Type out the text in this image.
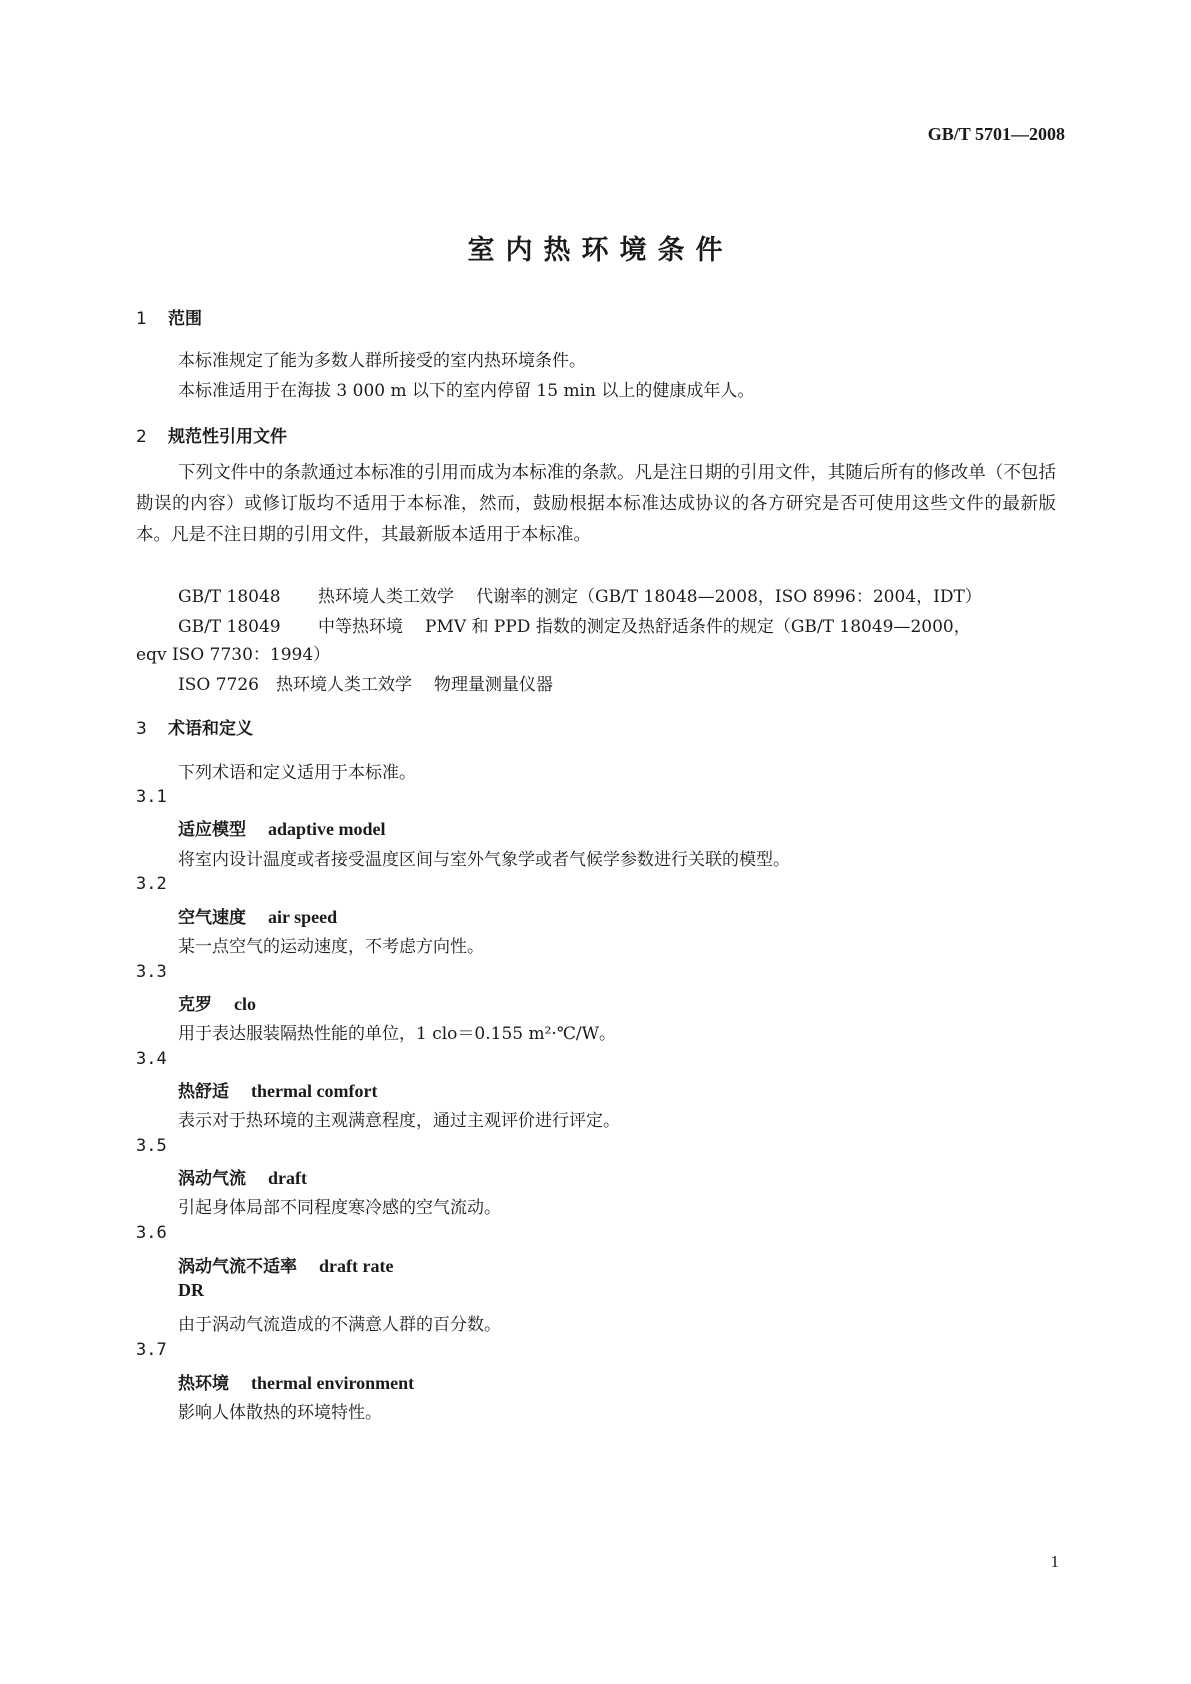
GB/T 5701—2008

室内热环境条件
1 范围

本标准规定了能为多数人群所接受的室内热环境条件。

本标准适用于在海拔 3 000 m 以下的室内停留 15 min 以上的健康成年人。

2 规范性引用文件

下列文件中的条款通过本标准的引用而成为本标准的条款。凡是注日期的引用文件，其随后所有的修改单（不包括勘误的内容）或修订版均不适用于本标准，然而，鼓励根据本标准达成协议的各方研究是否可使用这些文件的最新版本。凡是不注日期的引用文件，其最新版本适用于本标准。

GB/T 18048 热环境人类工效学 代谢率的测定（GB/T 18048—2008，ISO 8996：2004，IDT）

GB/T 18049 中等热环境 PMV 和 PPD 指数的测定及热舒适条件的规定（GB/T 18049—2000，

eqv ISO 7730：1994）

ISO 7726 热环境人类工效学 物理量测量仪器

3 术语和定义

下列术语和定义适用于本标准。

3.1

适应模型 adaptive model

将室内设计温度或者接受温度区间与室外气象学或者气候学参数进行关联的模型。

3.2

空气速度 air speed

某一点空气的运动速度，不考虑方向性。

3.3

克罗 clo

用于表达服装隔热性能的单位，1 clo＝0.155 m²·℃/W。

3.4

热舒适 thermal comfort

表示对于热环境的主观满意程度，通过主观评价进行评定。

3.5

涡动气流 draft

引起身体局部不同程度寒冷感的空气流动。

3.6

涡动气流不适率 draft rate

DR

由于涡动气流造成的不满意人群的百分数。

3.7

热环境 thermal environment

影响人体散热的环境特性。

1
